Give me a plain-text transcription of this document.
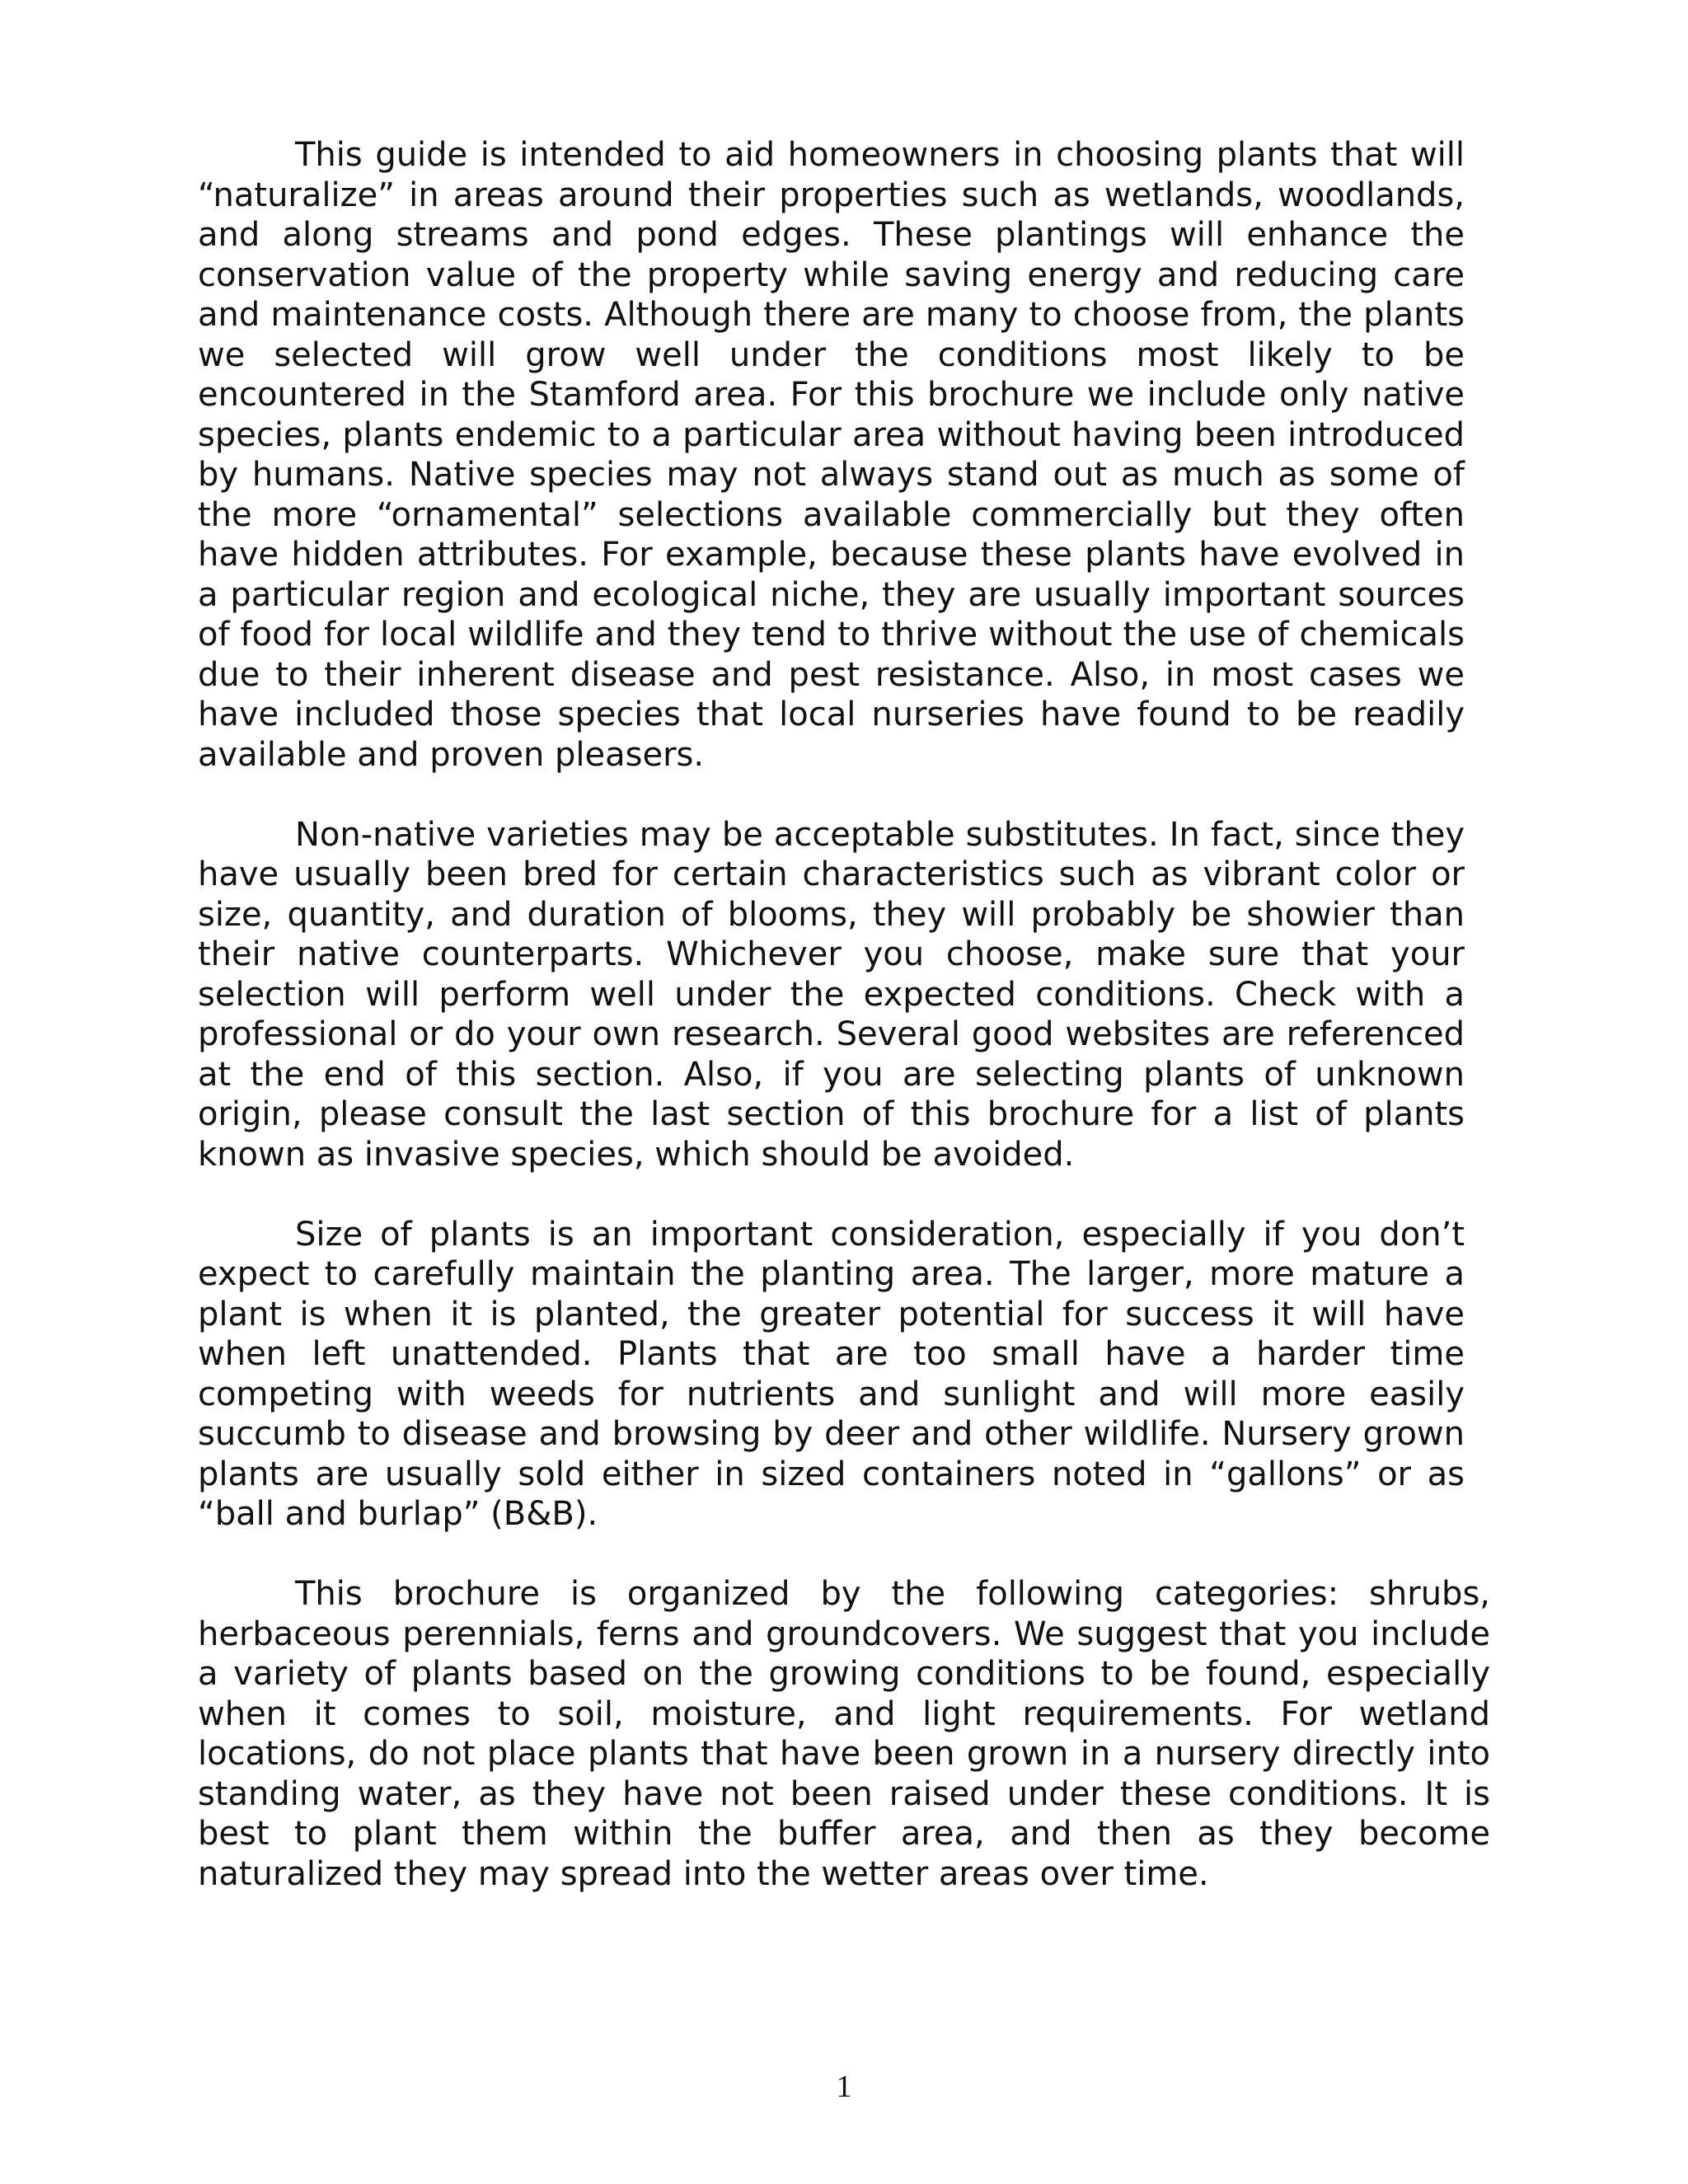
This guide is intended to aid homeowners in choosing plants that will “naturalize” in areas around their properties such as wetlands, woodlands, and along streams and pond edges. These plantings will enhance the conservation value of the property while saving energy and reducing care and maintenance costs. Although there are many to choose from, the plants we selected will grow well under the conditions most likely to be encountered in the Stamford area. For this brochure we include only native species, plants endemic to a particular area without having been introduced by humans. Native species may not always stand out as much as some of the more “ornamental” selections available commercially but they often have hidden attributes. For example, because these plants have evolved in a particular region and ecological niche, they are usually important sources of food for local wildlife and they tend to thrive without the use of chemicals due to their inherent disease and pest resistance. Also, in most cases we have included those species that local nurseries have found to be readily available and proven pleasers.

Non-native varieties may be acceptable substitutes. In fact, since they have usually been bred for certain characteristics such as vibrant color or size, quantity, and duration of blooms, they will probably be showier than their native counterparts. Whichever you choose, make sure that your selection will perform well under the expected conditions. Check with a professional or do your own research. Several good websites are referenced at the end of this section. Also, if you are selecting plants of unknown origin, please consult the last section of this brochure for a list of plants known as invasive species, which should be avoided.

Size of plants is an important consideration, especially if you don’t expect to carefully maintain the planting area. The larger, more mature a plant is when it is planted, the greater potential for success it will have when left unattended. Plants that are too small have a harder time competing with weeds for nutrients and sunlight and will more easily succumb to disease and browsing by deer and other wildlife. Nursery grown plants are usually sold either in sized containers noted in “gallons” or as “ball and burlap” (B&B).

This brochure is organized by the following categories: shrubs, herbaceous perennials, ferns and groundcovers. We suggest that you include a variety of plants based on the growing conditions to be found, especially when it comes to soil, moisture, and light requirements. For wetland locations, do not place plants that have been grown in a nursery directly into standing water, as they have not been raised under these conditions. It is best to plant them within the buffer area, and then as they become naturalized they may spread into the wetter areas over time.

1
